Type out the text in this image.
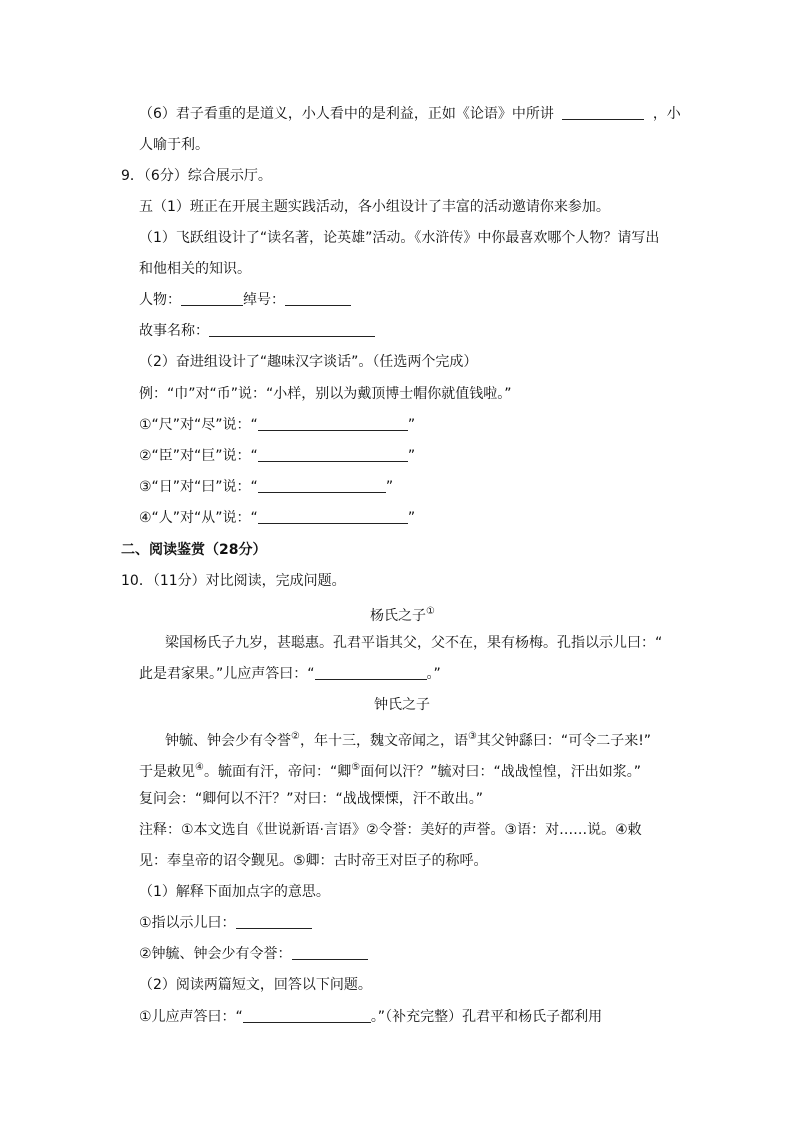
（6）君子看重的是道义，小人看中的是利益，正如《论语》中所讲	，小
人喻于利。
9．（6分）综合展示厅。
五（1）班正在开展主题实践活动，各小组设计了丰富的活动邀请你来参加。
（1）飞跃组设计了“读名著，论英雄”活动。《水浒传》中你最喜欢哪个人物？请写出
和他相关的知识。
人物：	绰号：
故事名称：
（2）奋进组设计了“趣味汉字谈话”。（任选两个完成）
例：“巾”对“币”说：“小样，别以为戴顶博士帽你就值钱啦。”
①“尺”对“尽”说：“	”
②“臣”对“巨”说：“	”
③“日”对“曰”说：“	”
④“人”对“从”说：“	”
二、阅读鉴赏（28分）
10．（11分）对比阅读，完成问题。
杨氏之子①
梁国杨氏子九岁，甚聪惠。孔君平诣其父，父不在，果有杨梅。孔指以示儿曰：“
此是君家果。”儿应声答曰：“	。”
钟氏之子
钟毓、钟会少有令誉②，年十三，魏文帝闻之，语③其父钟繇曰：“可令二子来!”
于是敕见④。毓面有汗，帝问：“卿⑤面何以汗？”毓对曰：“战战惶惶，汗出如浆。”
复问会：“卿何以不汗？”对曰：“战战慄慄，汗不敢出。”
注释：①本文选自《世说新语·言语》②令誉：美好的声誉。③语：对……说。④敕
见：奉皇帝的诏令觐见。⑤卿：古时帝王对臣子的称呼。
（1）解释下面加点字的意思。
①指以示儿曰：
②钟毓、钟会少有令誉：
（2）阅读两篇短文，回答以下问题。
①儿应声答曰：“	。”（补充完整）孔君平和杨氏子都利用
